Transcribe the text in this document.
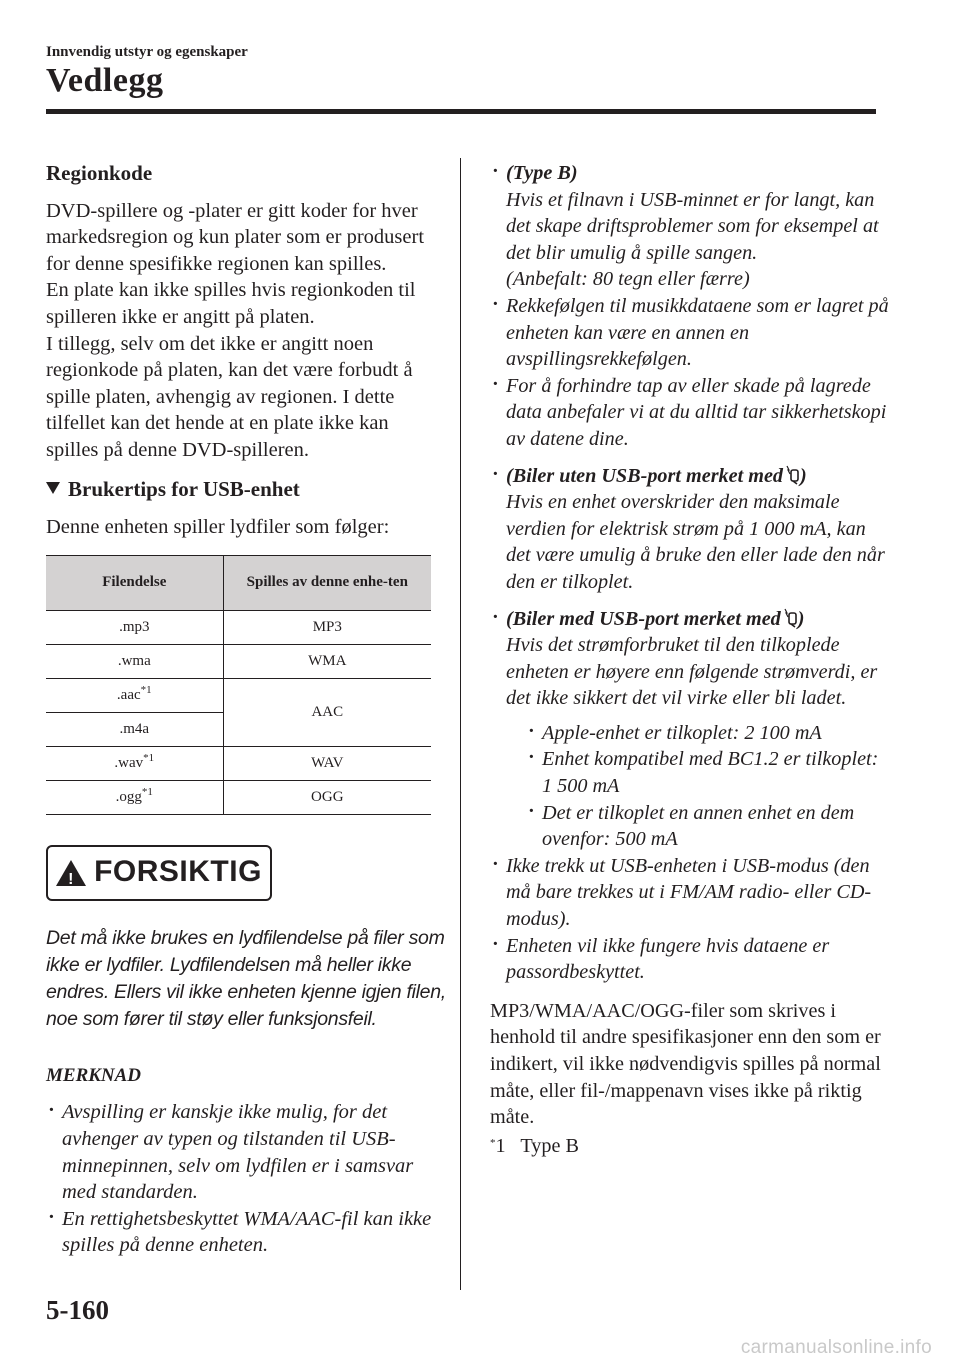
Innvendig utstyr og egenskaper
Vedlegg
Regionkode

DVD-spillere og -plater er gitt koder for hver markedsregion og kun plater som er produsert for denne spesifikke regionen kan spilles.

En plate kan ikke spilles hvis regionkoden til spilleren ikke er angitt på platen.

I tillegg, selv om det ikke er angitt noen regionkode på platen, kan det være forbudt å spille platen, avhengig av regionen. I dette tilfellet kan det hende at en plate ikke kan spilles på denne DVD-spilleren.

Brukertips for USB-enhet

Denne enheten spiller lydfiler som følger:

Filendelse	Spilles av denne enhe-ten
.mp3	MP3
.wma	WMA
.aac$^{*1}$	AAC
.m4a	
.wav$^{*1}$	WAV
.ogg$^{*1}$	OGG
! FORSIKTIG
Det må ikke brukes en lydfilendelse på filer som ikke er lydfiler. Lydfilendelsen må heller ikke endres. Ellers vil ikke enheten kjenne igjen filen, noe som fører til støy eller funksjonsfeil.
MERKNAD
· Avspilling er kanskje ikke mulig, for det avhenger av typen og tilstanden til USB-minnepinnen, selv om lydfilen er i samsvar med standarden.
· En rettighetsbeskyttet WMA/AAC-fil kan ikke spilles på denne enheten.
· (Type B)
Hvis et filnavn i USB-minnet er for langt, kan det skape driftsproblemer som for eksempel at det blir umulig å spille sangen.
(Anbefalt: 80 tegn eller færre)
· Rekkefølgen til musikkdataene som er lagret på enheten kan være en annen en avspillingsrekkefølgen.
· For å forhindre tap av eller skade på lagrede data anbefaler vi at du alltid tar sikkerhetskopi av datene dine.
· (Biler uten USB-port merket med )
Hvis en enhet overskrider den maksimale verdien for elektrisk strøm på 1 000 mA, kan det være umulig å bruke den eller lade den når den er tilkoplet.
· (Biler med USB-port merket med )
Hvis det strømforbruket til den tilkoplede enheten er høyere enn følgende strømverdi, er det ikke sikkert det vil virke eller bli ladet.
· Apple-enhet er tilkoplet: 2 100 mA
· Enhet kompatibel med BC1.2 er tilkoplet: 1 500 mA
· Det er tilkoplet en annen enhet en dem ovenfor: 500 mA
· Ikke trekk ut USB-enheten i USB-modus (den må bare trekkes ut i FM/AM radio- eller CD-modus).
· Enheten vil ikke fungere hvis dataene er passordbeskyttet.

MP3/WMA/AAC/OGG-filer som skrives i henhold til andre spesifikasjoner enn den som er indikert, vil ikke nødvendigvis spilles på normal måte, eller fil-/mappenavn vises ikke på riktig måte.

*1   Type B
5-160
carmanualsonline.info
